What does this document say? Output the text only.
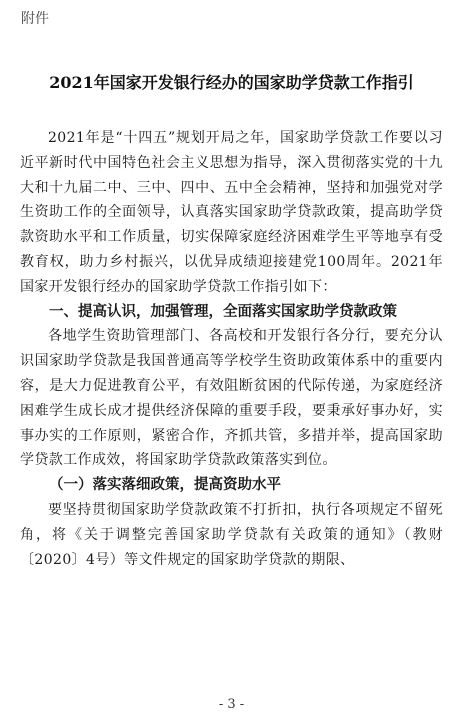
附件
2021年国家开发银行经办的国家助学贷款工作指引

2021年是“十四五”规划开局之年，国家助学贷款工作要以习近平新时代中国特色社会主义思想为指导，深入贯彻落实党的十九大和十九届二中、三中、四中、五中全会精神，坚持和加强党对学生资助工作的全面领导，认真落实国家助学贷款政策，提高助学贷款资助水平和工作质量，切实保障家庭经济困难学生平等地享有受教育权，助力乡村振兴，以优异成绩迎接建党100周年。2021年国家开发银行经办的国家助学贷款工作指引如下：

一、提高认识，加强管理，全面落实国家助学贷款政策

各地学生资助管理部门、各高校和开发银行各分行，要充分认识国家助学贷款是我国普通高等学校学生资助政策体系中的重要内容，是大力促进教育公平，有效阻断贫困的代际传递，为家庭经济困难学生成长成才提供经济保障的重要手段，要秉承好事办好，实事办实的工作原则，紧密合作，齐抓共管，多措并举，提高国家助学贷款工作成效，将国家助学贷款政策落实到位。

（一）落实落细政策，提高资助水平

要坚持贯彻国家助学贷款政策不打折扣，执行各项规定不留死角，将《关于调整完善国家助学贷款有关政策的通知》（教财〔2020〕4号）等文件规定的国家助学贷款的期限、

- 3 -
